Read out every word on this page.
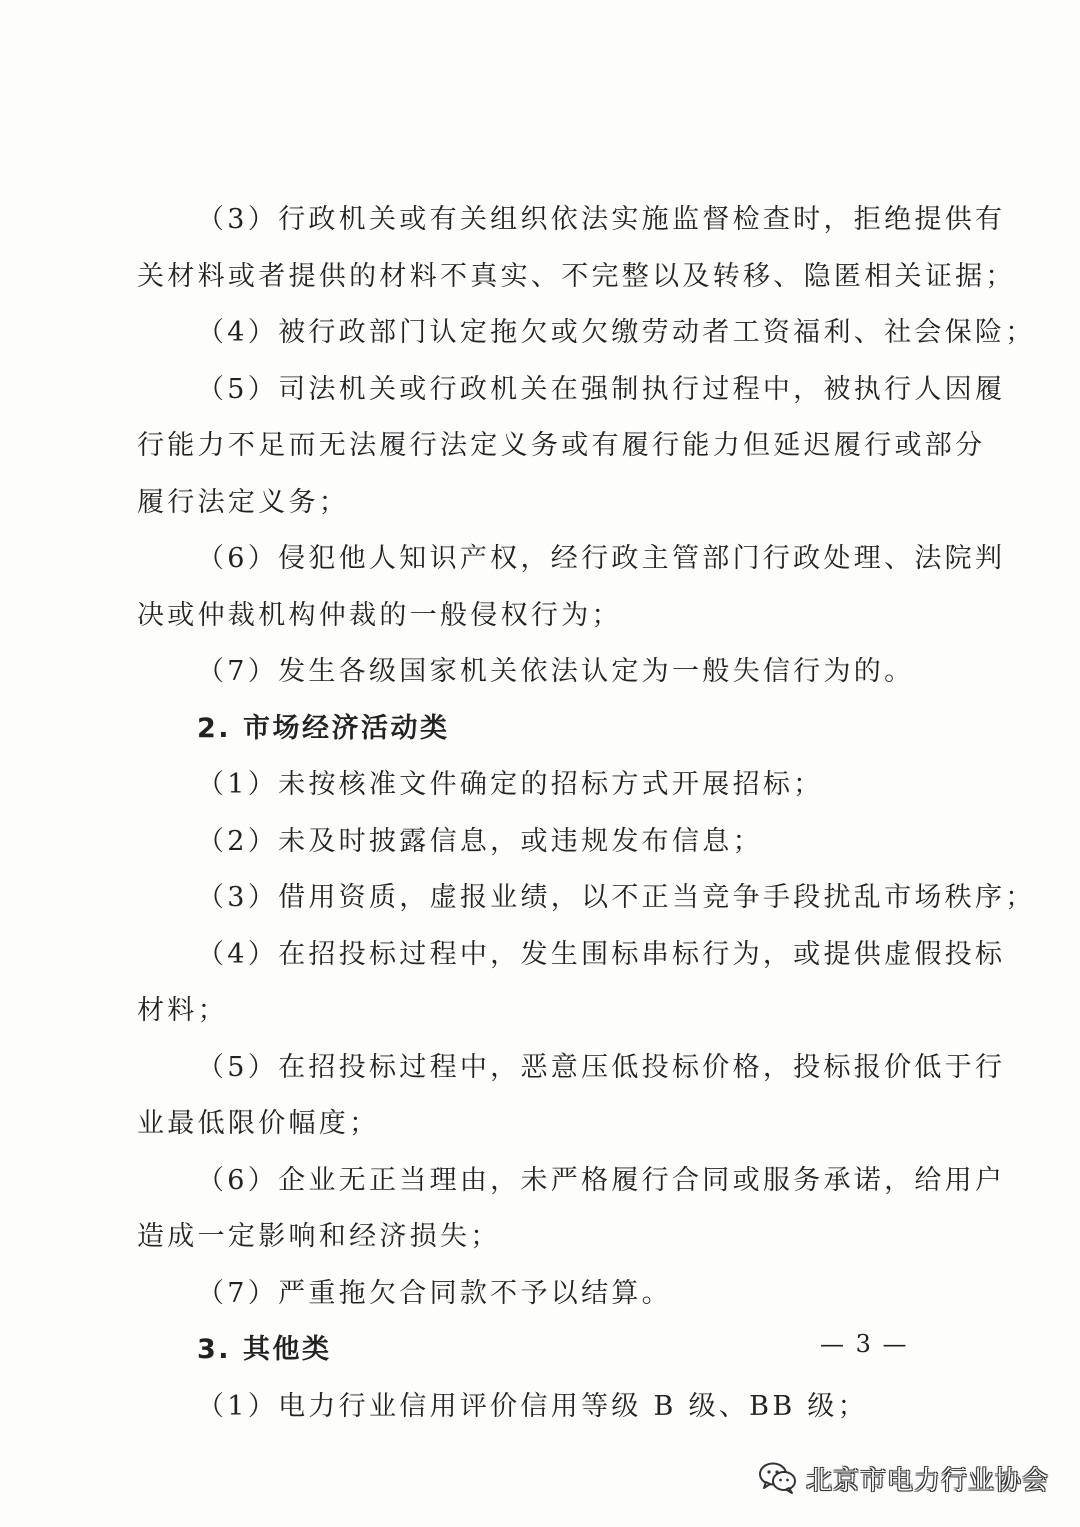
（3）行政机关或有关组织依法实施监督检查时，拒绝提供有
关材料或者提供的材料不真实、不完整以及转移、隐匿相关证据；
（4）被行政部门认定拖欠或欠缴劳动者工资福利、社会保险；
（5）司法机关或行政机关在强制执行过程中，被执行人因履
行能力不足而无法履行法定义务或有履行能力但延迟履行或部分
履行法定义务；
（6）侵犯他人知识产权，经行政主管部门行政处理、法院判
决或仲裁机构仲裁的一般侵权行为；
（7）发生各级国家机关依法认定为一般失信行为的。
2. 市场经济活动类
（1）未按核准文件确定的招标方式开展招标；
（2）未及时披露信息，或违规发布信息；
（3）借用资质，虚报业绩，以不正当竞争手段扰乱市场秩序；
（4）在招投标过程中，发生围标串标行为，或提供虚假投标
材料；
（5）在招投标过程中，恶意压低投标价格，投标报价低于行
业最低限价幅度；
（6）企业无正当理由，未严格履行合同或服务承诺，给用户
造成一定影响和经济损失；
（7）严重拖欠合同款不予以结算。
3. 其他类
（1）电力行业信用评价信用等级 B 级、BB 级；
— 3 —
北京市电力行业协会
